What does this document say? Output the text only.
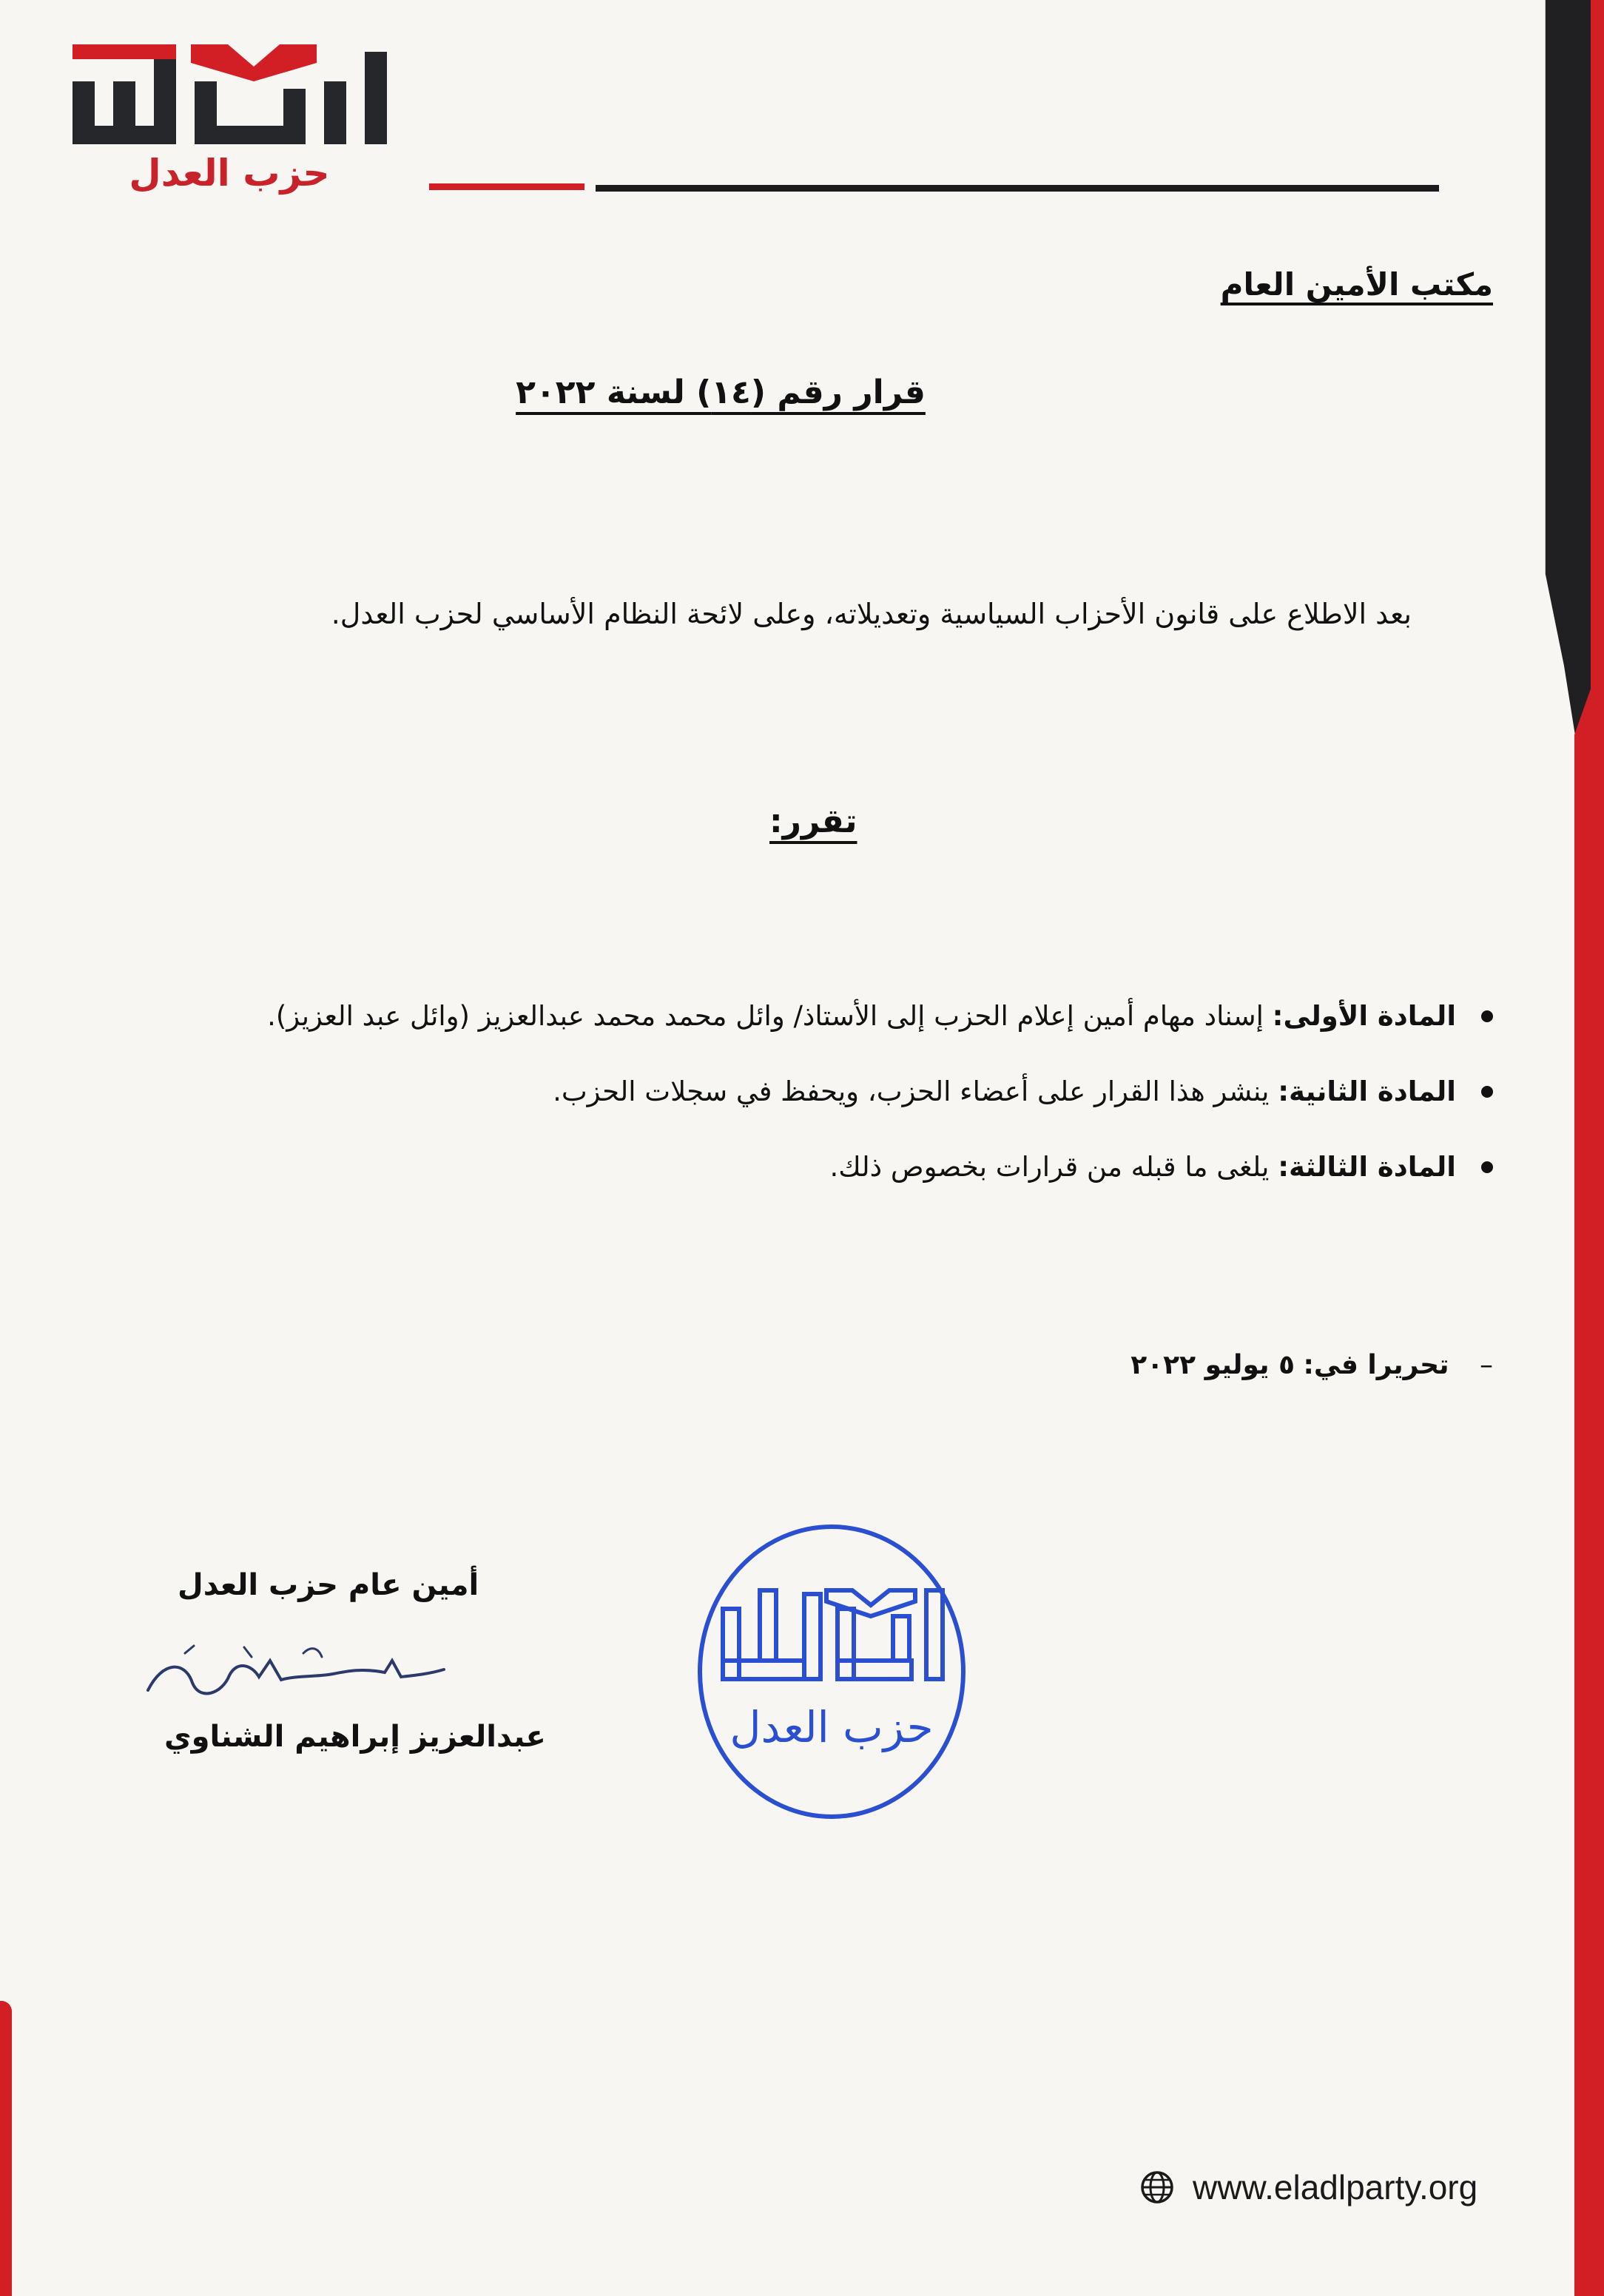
حزب العدل
مكتب الأمين العام
قرار رقم (١٤) لسنة ٢٠٢٢
بعد الاطلاع على قانون الأحزاب السياسية وتعديلاته، وعلى لائحة النظام الأساسي لحزب العدل.
تقرر:
المادة الأولى: إسناد مهام أمين إعلام الحزب إلى الأستاذ/ وائل محمد محمد عبدالعزيز (وائل عبد العزيز).
المادة الثانية: ينشر هذا القرار على أعضاء الحزب، ويحفظ في سجلات الحزب.
المادة الثالثة: يلغى ما قبله من قرارات بخصوص ذلك.
– تحريرا في: ٥ يوليو ٢٠٢٢
حزب العدل
أمين عام حزب العدل
عبدالعزيز إبراهيم الشناوي
www.eladlparty.org
